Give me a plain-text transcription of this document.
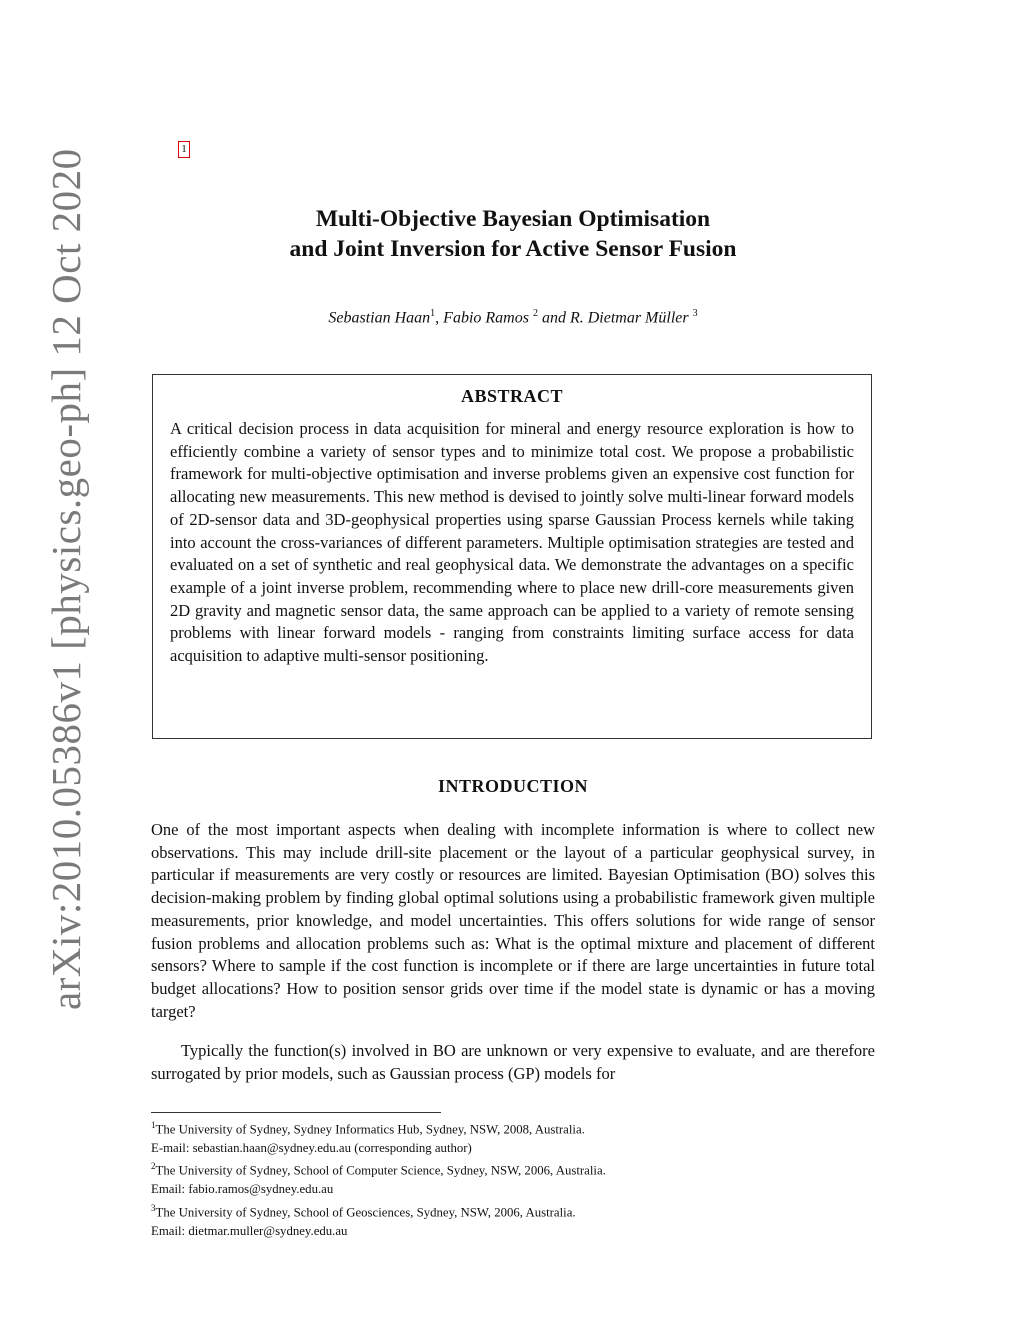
arXiv:2010.05386v1 [physics.geo-ph] 12 Oct 2020	1
Multi-Objective Bayesian Optimisation
and Joint Inversion for Active Sensor Fusion
Sebastian Haan$^1$, Fabio Ramos $^2$ and R. Dietmar Müller $^3$
ABSTRACT
A critical decision process in data acquisition for mineral and energy resource exploration is how to efficiently combine a variety of sensor types and to minimize total cost. We propose a probabilistic framework for multi-objective optimisation and inverse problems given an expensive cost function for allocating new measurements. This new method is devised to jointly solve multi-linear forward models of 2D-sensor data and 3D-geophysical properties using sparse Gaussian Process kernels while taking into account the cross-variances of different parameters. Multiple optimisation strategies are tested and evaluated on a set of synthetic and real geophysical data. We demonstrate the advantages on a specific example of a joint inverse problem, recommending where to place new drill-core measurements given 2D gravity and magnetic sensor data, the same approach can be applied to a variety of remote sensing problems with linear forward models - ranging from constraints limiting surface access for data acquisition to adaptive multi-sensor positioning.
INTRODUCTION
One of the most important aspects when dealing with incomplete information is where to collect new observations. This may include drill-site placement or the layout of a particular geophysical survey, in particular if measurements are very costly or resources are limited. Bayesian Optimisation (BO) solves this decision-making problem by finding global optimal solutions using a probabilistic framework given multiple measurements, prior knowledge, and model uncertainties. This offers solutions for wide range of sensor fusion problems and allocation problems such as: What is the optimal mixture and placement of different sensors? Where to sample if the cost function is incomplete or if there are large uncertainties in future total budget allocations? How to position sensor grids over time if the model state is dynamic or has a moving target?
Typically the function(s) involved in BO are unknown or very expensive to evaluate, and are therefore surrogated by prior models, such as Gaussian process (GP) models for
$^1$The University of Sydney, Sydney Informatics Hub, Sydney, NSW, 2008, Australia.
E-mail: sebastian.haan@sydney.edu.au (corresponding author)
$^2$The University of Sydney, School of Computer Science, Sydney, NSW, 2006, Australia.
Email: fabio.ramos@sydney.edu.au
$^3$The University of Sydney, School of Geosciences, Sydney, NSW, 2006, Australia.
Email: dietmar.muller@sydney.edu.au
